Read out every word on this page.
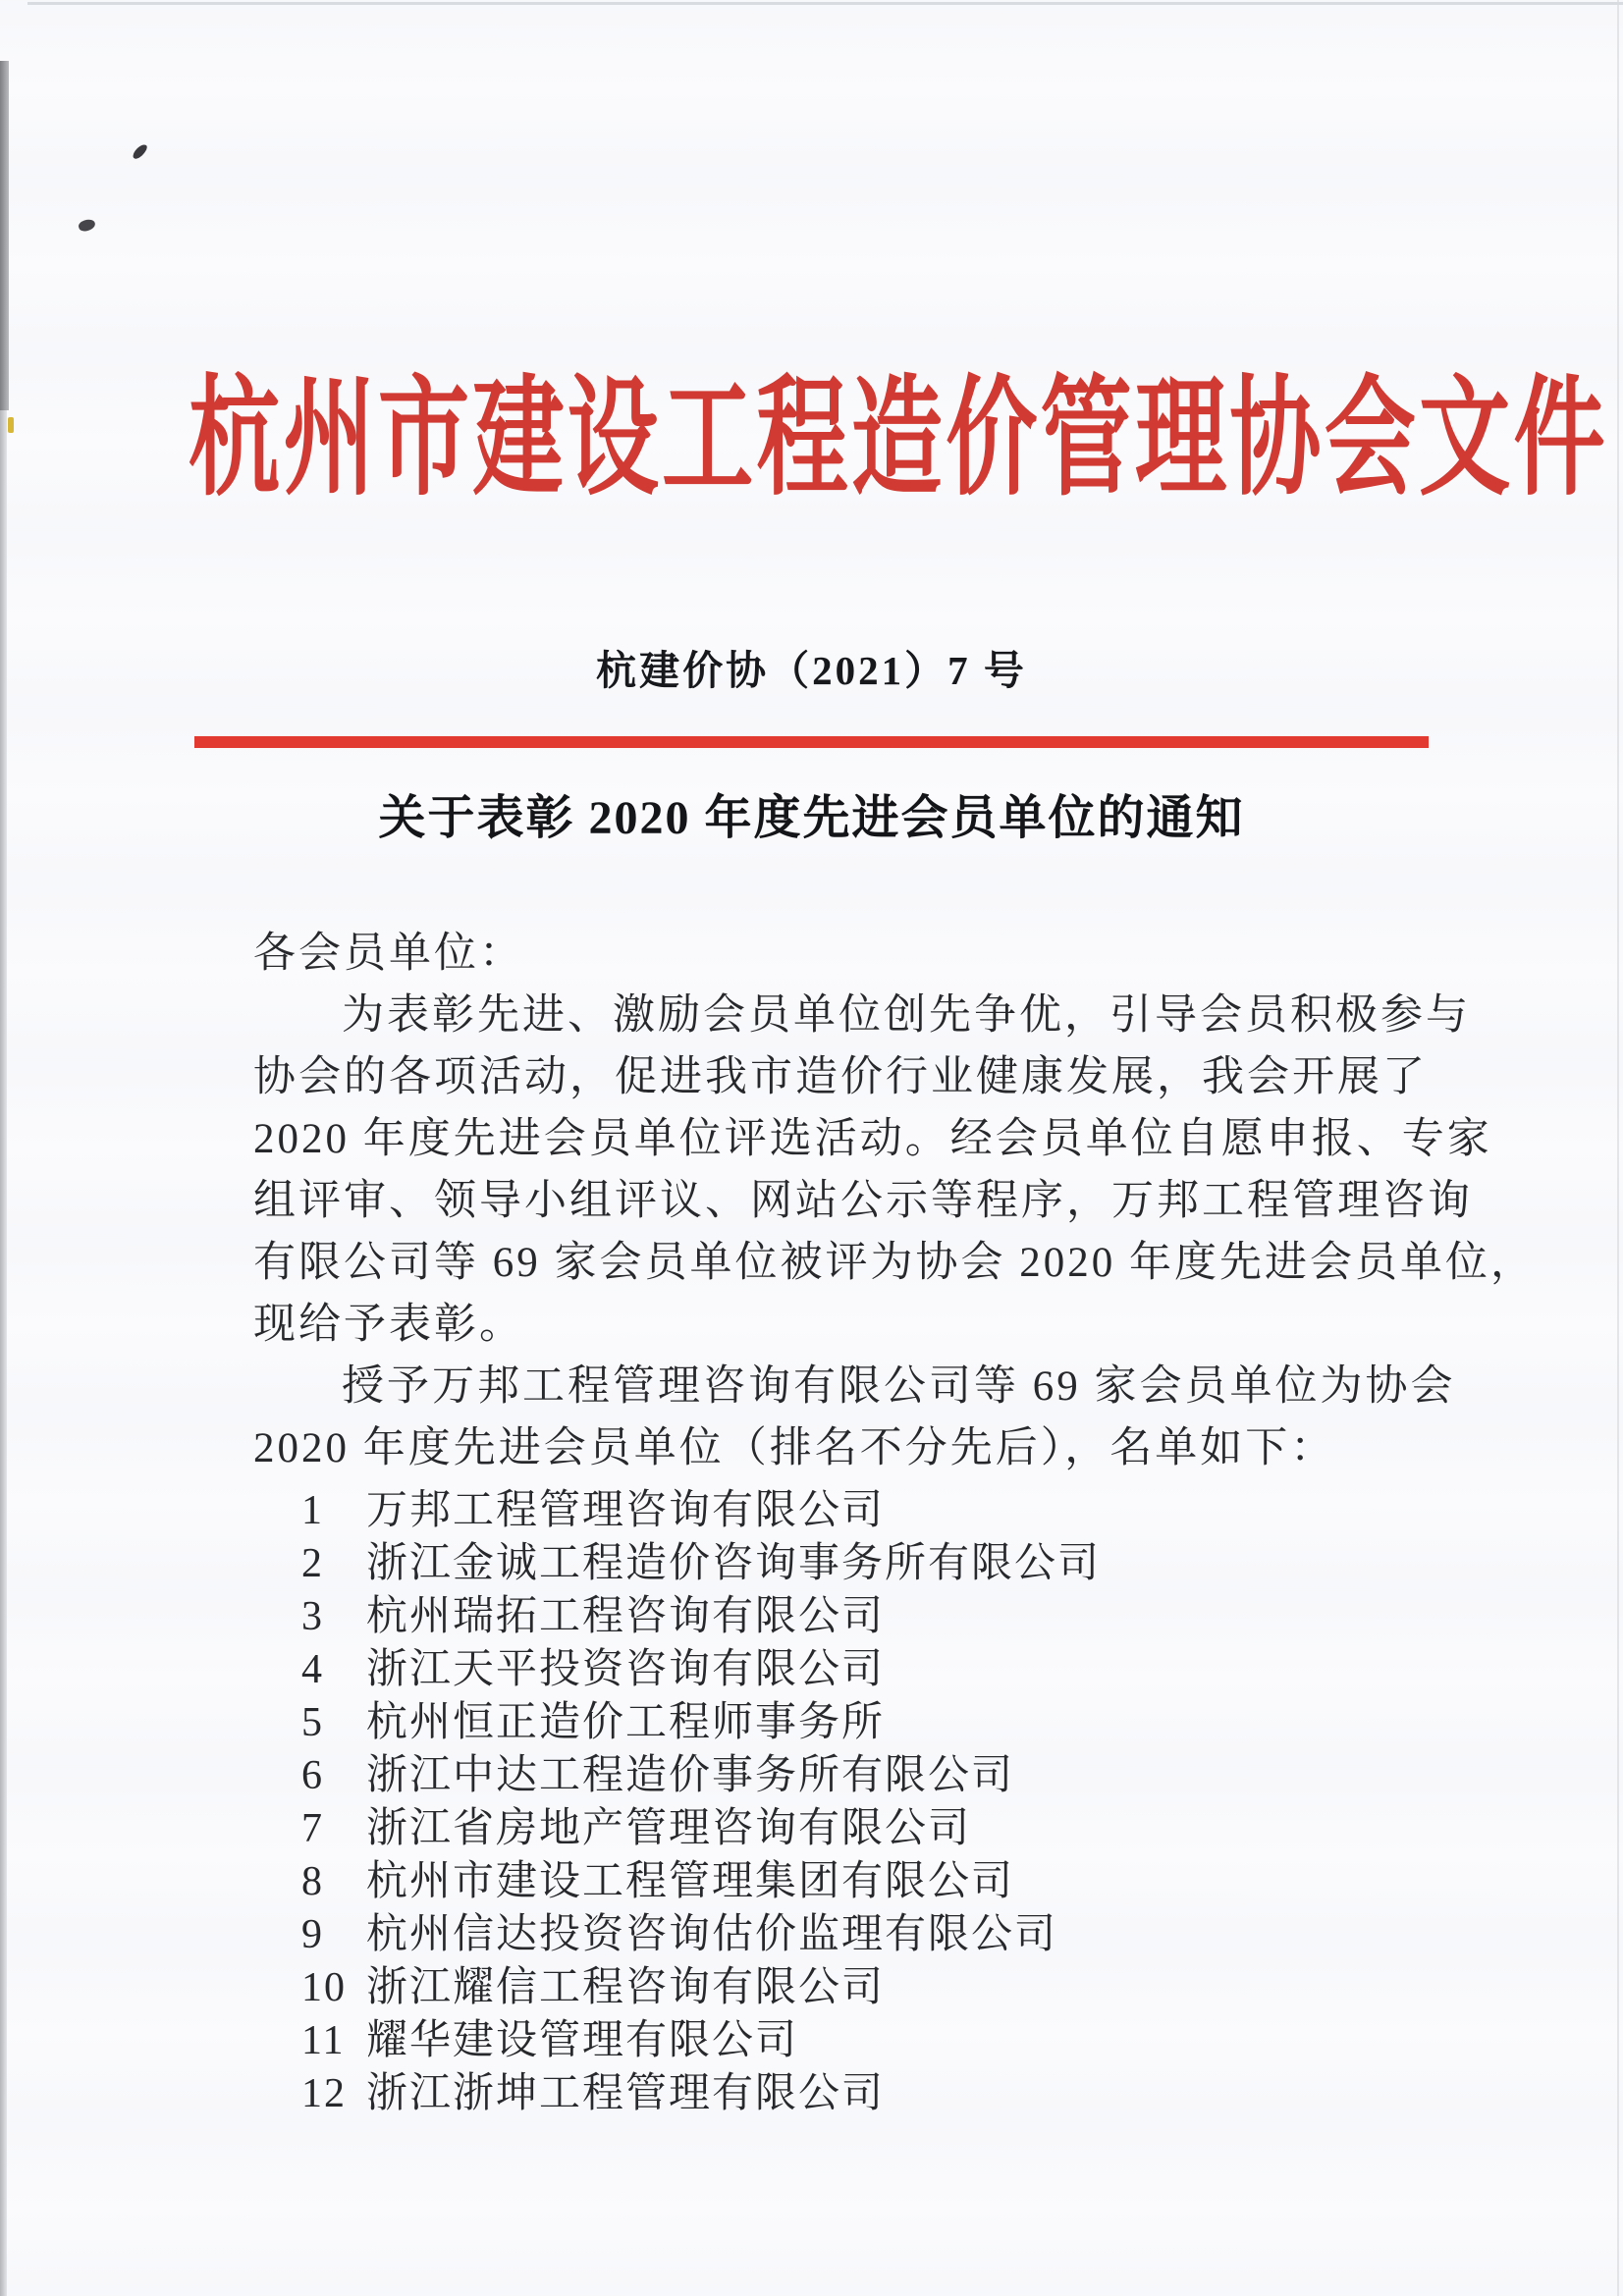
杭州市建设工程造价管理协会文件
杭建价协（2021）7 号
关于表彰 2020 年度先进会员单位的通知
各会员单位：
为表彰先进、激励会员单位创先争优，引导会员积极参与
协会的各项活动，促进我市造价行业健康发展，我会开展了
2020 年度先进会员单位评选活动。经会员单位自愿申报、专家
组评审、领导小组评议、网站公示等程序，万邦工程管理咨询
有限公司等 69 家会员单位被评为协会 2020 年度先进会员单位，
现给予表彰。
授予万邦工程管理咨询有限公司等 69 家会员单位为协会
2020 年度先进会员单位（排名不分先后），名单如下：
1	万邦工程管理咨询有限公司
2	浙江金诚工程造价咨询事务所有限公司
3	杭州瑞拓工程咨询有限公司
4	浙江天平投资咨询有限公司
5	杭州恒正造价工程师事务所
6	浙江中达工程造价事务所有限公司
7	浙江省房地产管理咨询有限公司
8	杭州市建设工程管理集团有限公司
9	杭州信达投资咨询估价监理有限公司
10 浙江耀信工程咨询有限公司
11 耀华建设管理有限公司
12 浙江浙坤工程管理有限公司
